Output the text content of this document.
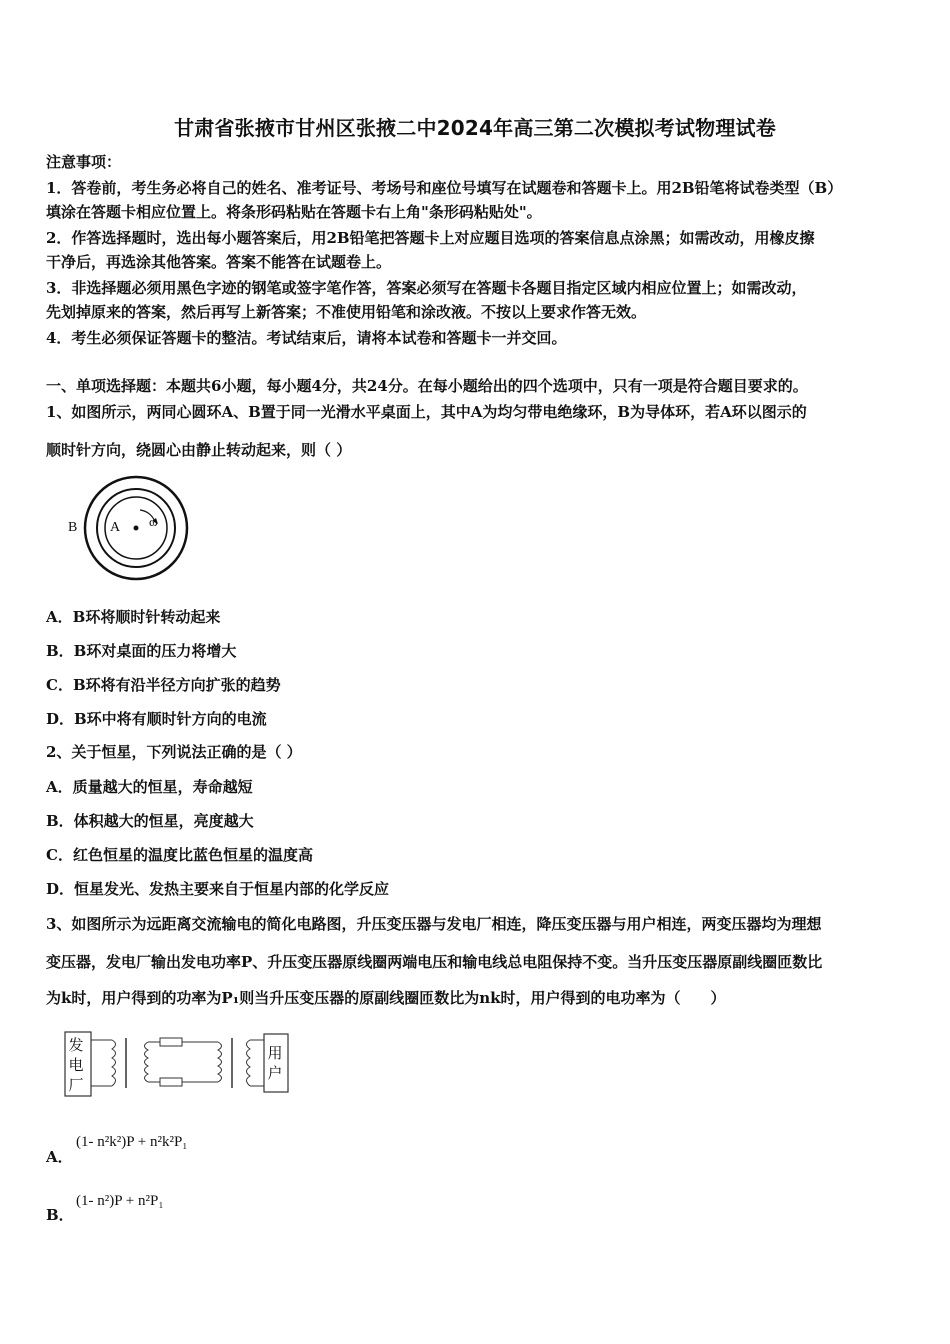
甘肃省张掖市甘州区张掖二中2024年高三第二次模拟考试物理试卷
注意事项：
1．答卷前，考生务必将自己的姓名、准考证号、考场号和座位号填写在试题卷和答题卡上。用2B铅笔将试卷类型（B）
填涂在答题卡相应位置上。将条形码粘贴在答题卡右上角"条形码粘贴处"。
2．作答选择题时，选出每小题答案后，用2B铅笔把答题卡上对应题目选项的答案信息点涂黑；如需改动，用橡皮擦
干净后，再选涂其他答案。答案不能答在试题卷上。
3．非选择题必须用黑色字迹的钢笔或签字笔作答，答案必须写在答题卡各题目指定区域内相应位置上；如需改动，
先划掉原来的答案，然后再写上新答案；不准使用铅笔和涂改液。不按以上要求作答无效。
4．考生必须保证答题卡的整洁。考试结束后，请将本试卷和答题卡一并交回。
一、单项选择题：本题共6小题，每小题4分，共24分。在每小题给出的四个选项中，只有一项是符合题目要求的。
1、如图所示，两同心圆环A、B置于同一光滑水平桌面上，其中A为均匀带电绝缘环，B为导体环，若A环以图示的
顺时针方向，绕圆心由静止转动起来，则（ ）
B A ω
A．B环将顺时针转动起来
B．B环对桌面的压力将增大
C．B环将有沿半径方向扩张的趋势
D．B环中将有顺时针方向的电流
2、关于恒星，下列说法正确的是（ ）
A．质量越大的恒星，寿命越短
B．体积越大的恒星，亮度越大
C．红色恒星的温度比蓝色恒星的温度高
D．恒星发光、发热主要来自于恒星内部的化学反应
3、如图所示为远距离交流输电的简化电路图，升压变压器与发电厂相连，降压变压器与用户相连，两变压器均为理想
变压器，发电厂输出发电功率P、升压变压器原线圈两端电压和输电线总电阻保持不变。当升压变压器原副线圈匝数比
为k时，用户得到的功率为P₁则当升压变压器的原副线圈匝数比为nk时，用户得到的电功率为（　　）
发电厂
用户
A．
(1- n²k²)P + n²k²P₁
B．
(1- n²)P + n²P₁
